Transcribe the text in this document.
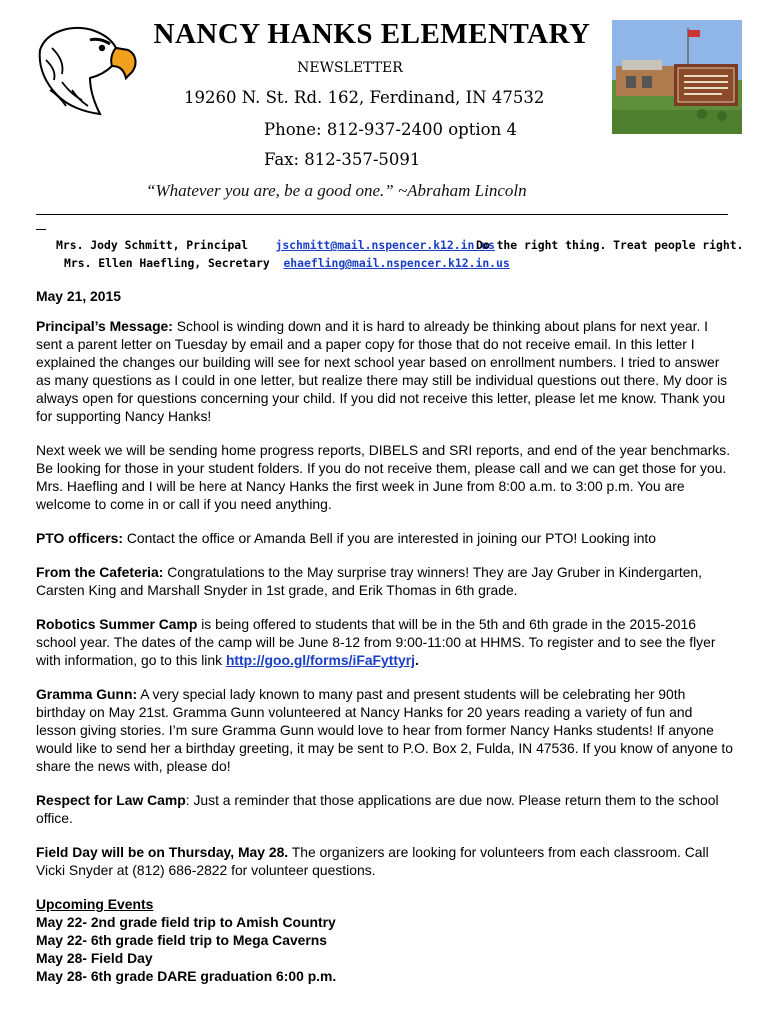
NANCY HANKS ELEMENTARY
NEWSLETTER
19260 N. St. Rd. 162, Ferdinand, IN 47532
Phone: 812-937-2400 option 4
Fax: 812-357-5091
“Whatever you are, be a good one.” ~Abraham Lincoln
Mrs. Jody Schmitt, Principal jschmitt@mail.nspencer.k12.in.us
Do the right thing. Treat people right.
Mrs. Ellen Haefling, Secretary ehaefling@mail.nspencer.k12.in.us

May 21, 2015

Principal’s Message: School is winding down and it is hard to already be thinking about plans for next year. I sent a parent letter on Tuesday by email and a paper copy for those that do not receive email. In this letter I explained the changes our building will see for next school year based on enrollment numbers. I tried to answer as many questions as I could in one letter, but realize there may still be individual questions out there. My door is always open for questions concerning your child. If you did not receive this letter, please let me know. Thank you for supporting Nancy Hanks!

Next week we will be sending home progress reports, DIBELS and SRI reports, and end of the year benchmarks. Be looking for those in your student folders. If you do not receive them, please call and we can get those for you. Mrs. Haefling and I will be here at Nancy Hanks the first week in June from 8:00 a.m. to 3:00 p.m. You are welcome to come in or call if you need anything.

PTO officers: Contact the office or Amanda Bell if you are interested in joining our PTO! Looking into

From the Cafeteria: Congratulations to the May surprise tray winners! They are Jay Gruber in Kindergarten, Carsten King and Marshall Snyder in 1st grade, and Erik Thomas in 6th grade.

Robotics Summer Camp is being offered to students that will be in the 5th and 6th grade in the 2015-2016 school year. The dates of the camp will be June 8-12 from 9:00-11:00 at HHMS. To register and to see the flyer with information, go to this link http://goo.gl/forms/iFaFyttyrj.

Gramma Gunn: A very special lady known to many past and present students will be celebrating her 90th birthday on May 21st. Gramma Gunn volunteered at Nancy Hanks for 20 years reading a variety of fun and lesson giving stories. I’m sure Gramma Gunn would love to hear from former Nancy Hanks students! If anyone would like to send her a birthday greeting, it may be sent to P.O. Box 2, Fulda, IN 47536. If you know of anyone to share the news with, please do!

Respect for Law Camp: Just a reminder that those applications are due now. Please return them to the school office.

Field Day will be on Thursday, May 28. The organizers are looking for volunteers from each classroom. Call Vicki Snyder at (812) 686-2822 for volunteer questions.

Upcoming Events

May 22- 2nd grade field trip to Amish Country

May 22- 6th grade field trip to Mega Caverns

May 28- Field Day

May 28- 6th grade DARE graduation 6:00 p.m.
